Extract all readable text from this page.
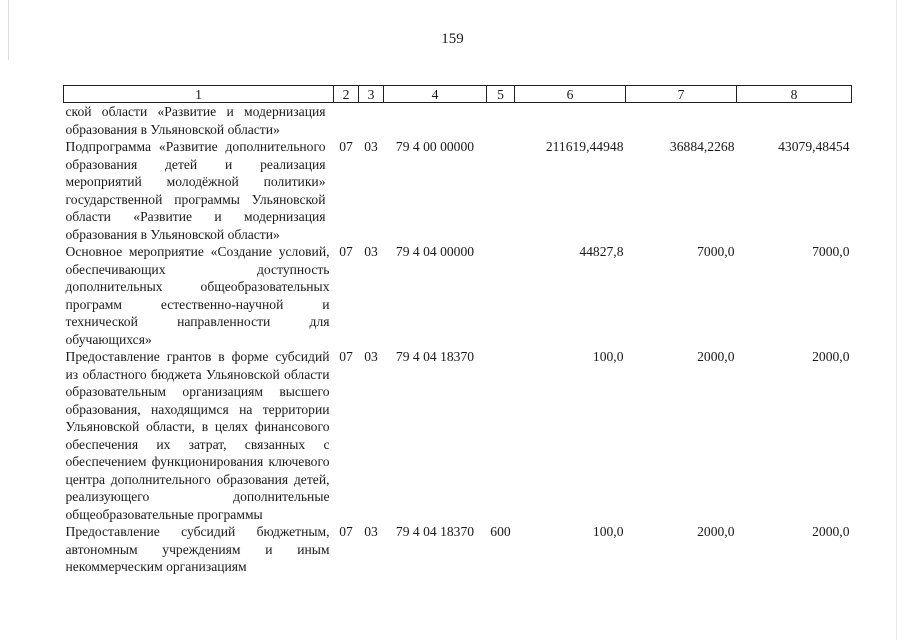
159
1	2	3	4	5	6	7	8
ской области «Развитие и модернизация образования в Ульяновской области»							
Подпрограмма «Развитие дополнительного образования детей и реализация мероприятий молодёжной политики» государственной программы Ульяновской области «Развитие и модернизация образования в Ульяновской области»	07	03	79 4 00 00000		211619,44948	36884,2268	43079,48454
Основное мероприятие «Создание условий, обеспечивающих доступность дополнительных общеобразовательных программ естественно-научной и технической направленности для обучающихся»	07	03	79 4 04 00000		44827,8	7000,0	7000,0
Предоставление грантов в форме субсидий из областного бюджета Ульяновской области образовательным организациям высшего образования, находящимся на территории Ульяновской области, в целях финансового обеспечения их затрат, связанных с обеспечением функционирования ключевого центра дополнительного образования детей, реализующего дополнительные общеобразовательные программы	07	03	79 4 04 18370		100,0	2000,0	2000,0
Предоставление субсидий бюджетным, автономным учреждениям и иным некоммерческим организациям	07	03	79 4 04 18370	600	100,0	2000,0	2000,0
